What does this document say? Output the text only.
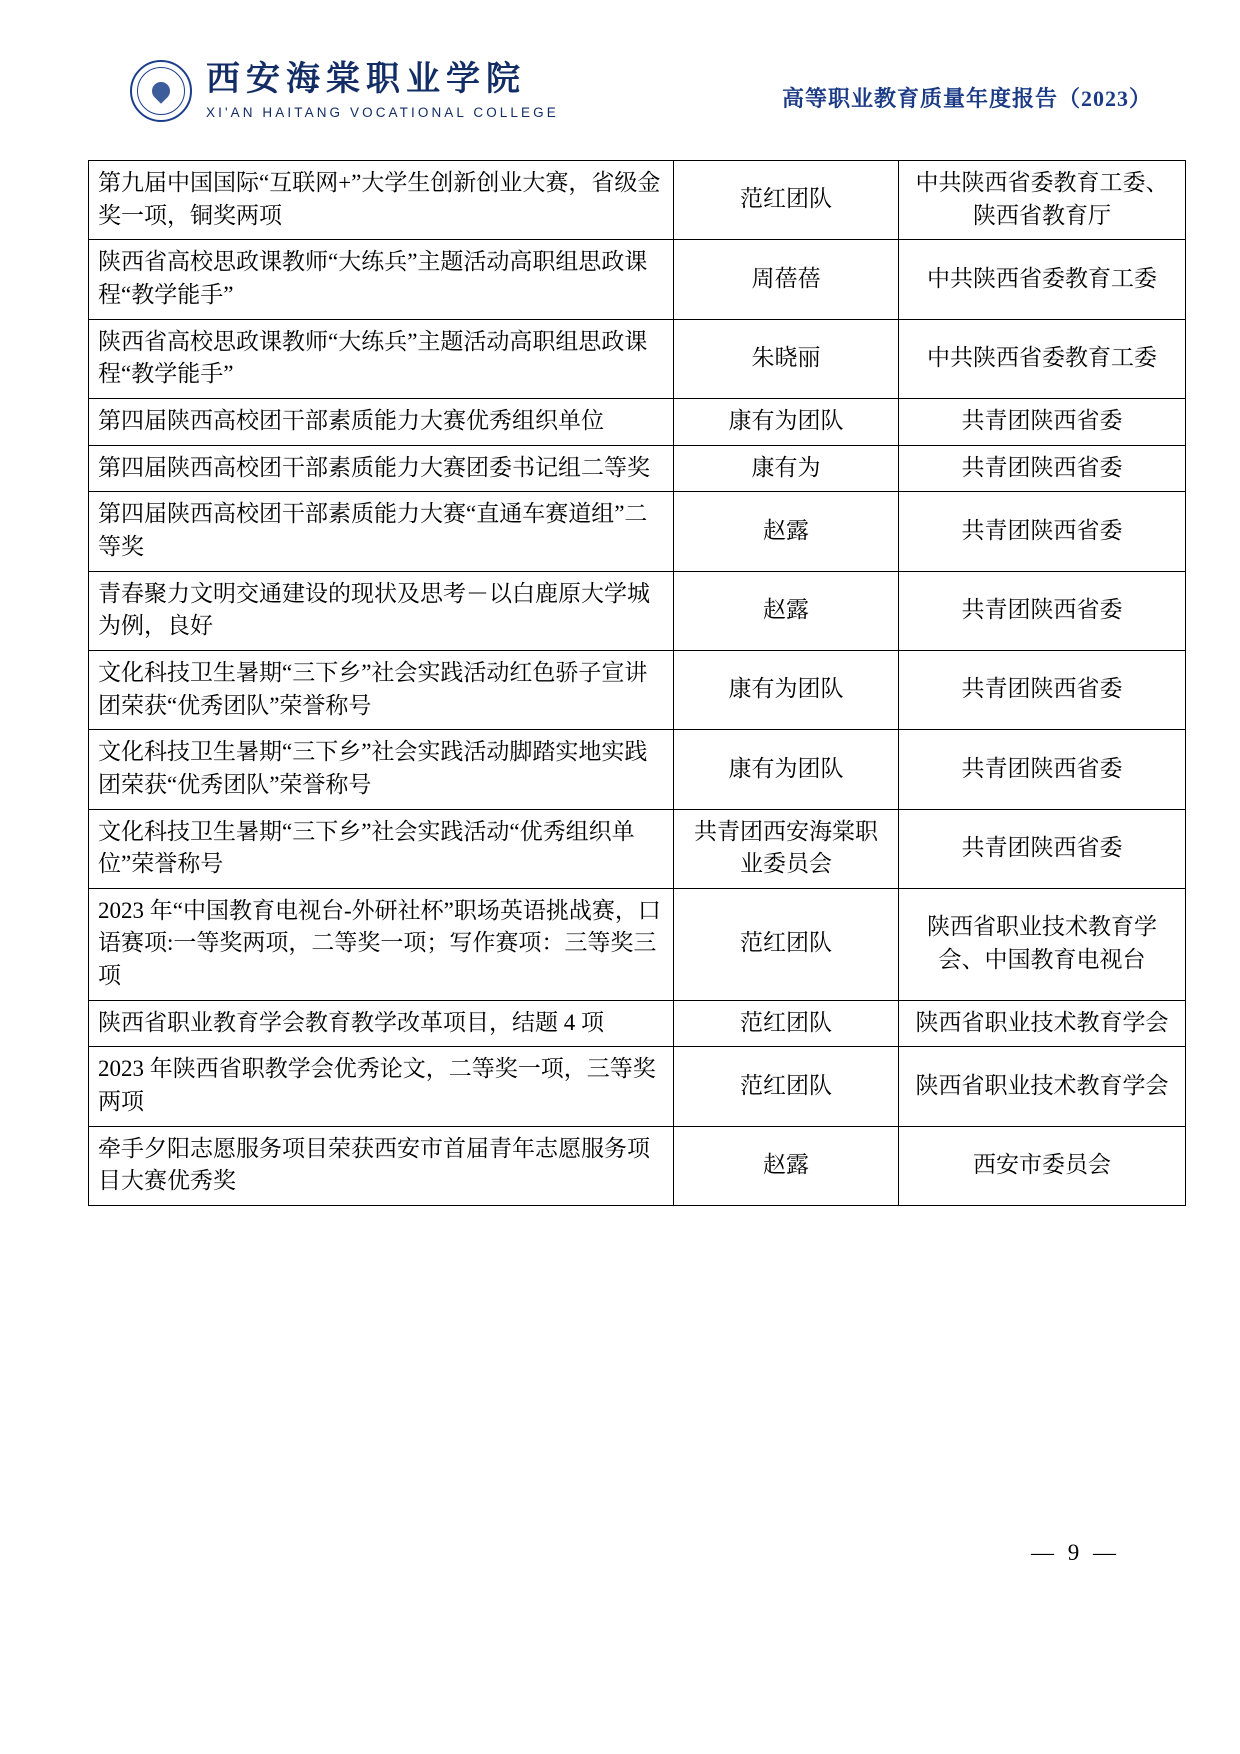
西安海棠职业学院
XI'AN HAITANG VOCATIONAL COLLEGE
高等职业教育质量年度报告（2023）
第九届中国国际“互联网+”大学生创新创业大赛，省级金奖一项，铜奖两项	范红团队	中共陕西省委教育工委、陕西省教育厅
陕西省高校思政课教师“大练兵”主题活动高职组思政课程“教学能手”	周蓓蓓	中共陕西省委教育工委
陕西省高校思政课教师“大练兵”主题活动高职组思政课程“教学能手”	朱晓丽	中共陕西省委教育工委
第四届陕西高校团干部素质能力大赛优秀组织单位	康有为团队	共青团陕西省委
第四届陕西高校团干部素质能力大赛团委书记组二等奖	康有为	共青团陕西省委
第四届陕西高校团干部素质能力大赛“直通车赛道组”二等奖	赵露	共青团陕西省委
青春聚力文明交通建设的现状及思考－以白鹿原大学城为例，良好	赵露	共青团陕西省委
文化科技卫生暑期“三下乡”社会实践活动红色骄子宣讲团荣获“优秀团队”荣誉称号	康有为团队	共青团陕西省委
文化科技卫生暑期“三下乡”社会实践活动脚踏实地实践团荣获“优秀团队”荣誉称号	康有为团队	共青团陕西省委
文化科技卫生暑期“三下乡”社会实践活动“优秀组织单位”荣誉称号	共青团西安海棠职业委员会	共青团陕西省委
2023 年“中国教育电视台-外研社杯”职场英语挑战赛，口语赛项:一等奖两项，二等奖一项；写作赛项：三等奖三项	范红团队	陕西省职业技术教育学会、中国教育电视台
陕西省职业教育学会教育教学改革项目，结题 4 项	范红团队	陕西省职业技术教育学会
2023 年陕西省职教学会优秀论文，二等奖一项，三等奖两项	范红团队	陕西省职业技术教育学会
牵手夕阳志愿服务项目荣获西安市首届青年志愿服务项目大赛优秀奖	赵露	西安市委员会
— 9 —
